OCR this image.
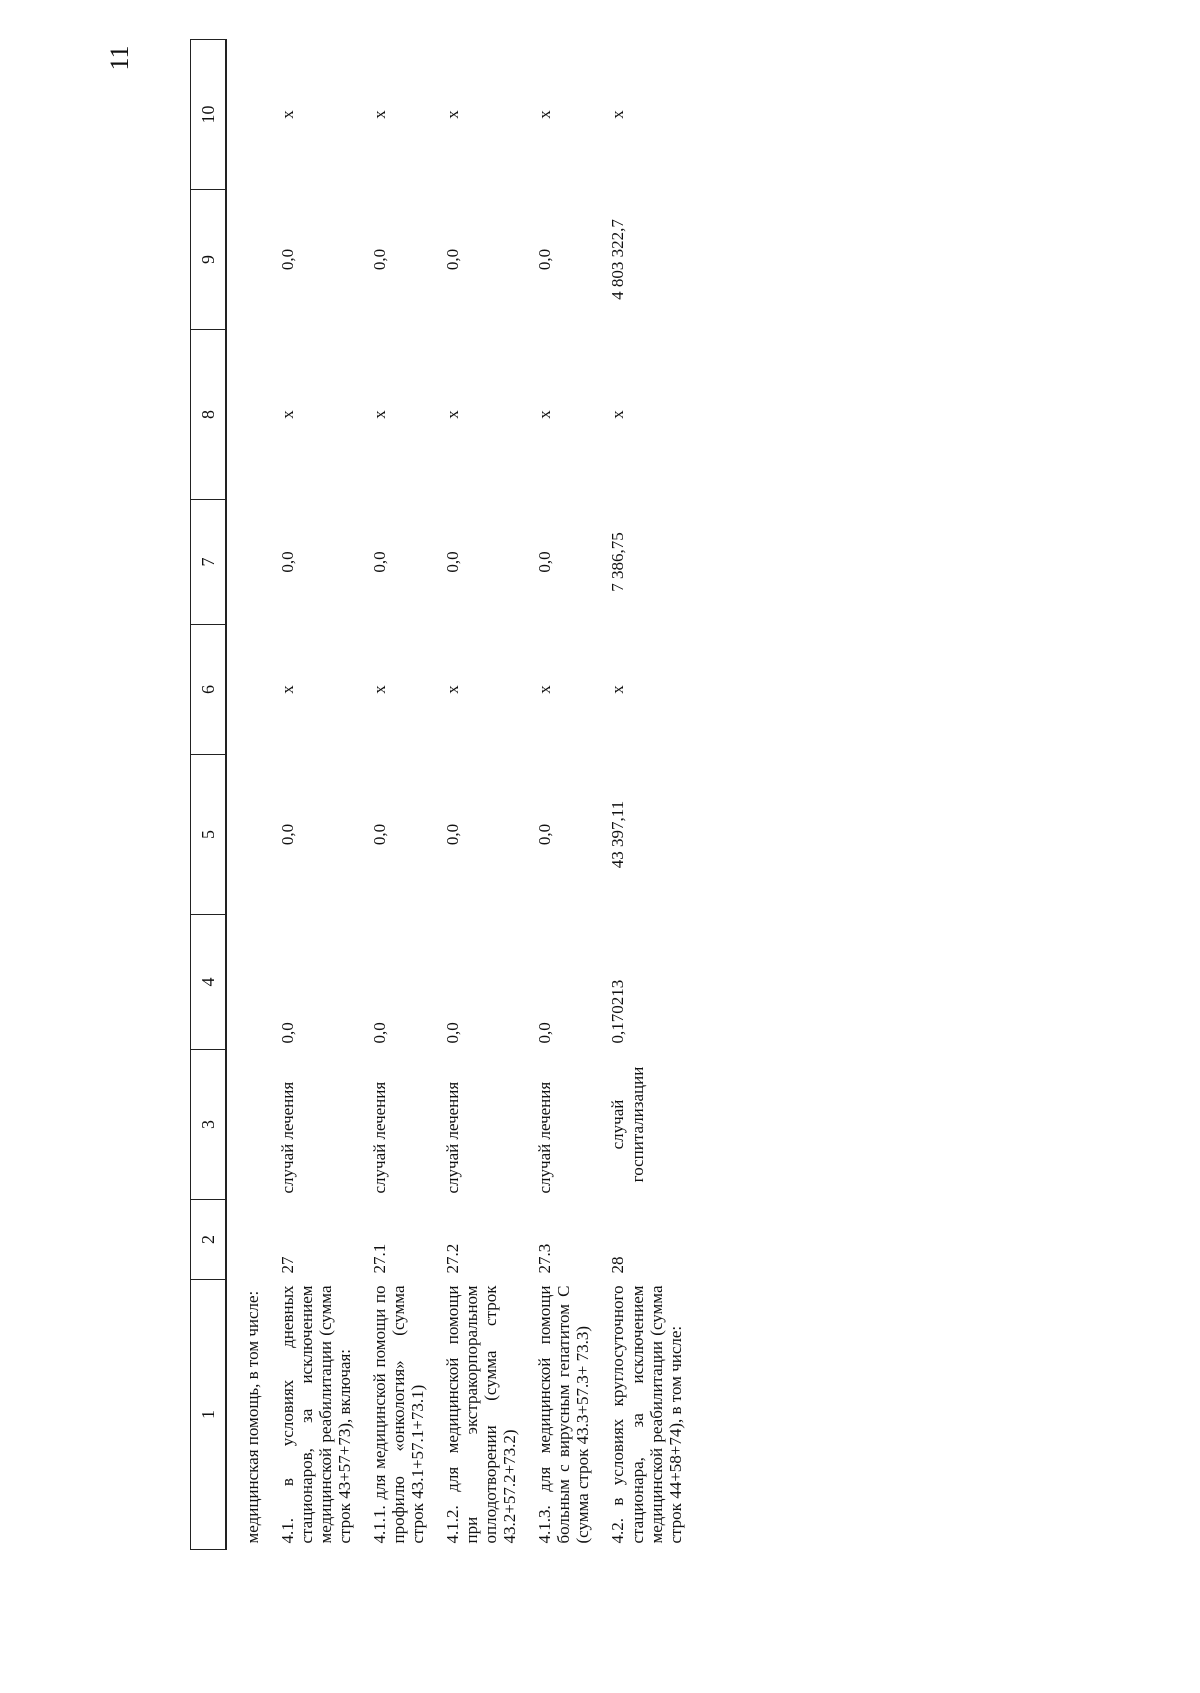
11
1	2	3	4	5	6	7	8	9	10
медицинская помощь, в том числе:									
4.1. в условиях дневных стационаров, за исключением медицинской реабилитации (сумма строк 43+57+73), включая:	27	случай лечения	0,0	0,0	х	0,0	х	0,0	х
4.1.1. для медицинской помощи по профилю «онкология» (сумма строк 43.1+57.1+73.1)	27.1	случай лечения	0,0	0,0	х	0,0	х	0,0	х
4.1.2. для медицинской помощи при экстракорпоральном оплодотворении (сумма строк 43.2+57.2+73.2)	27.2	случай лечения	0,0	0,0	х	0,0	х	0,0	х
4.1.3. для медицинской помощи больным с вирусным гепатитом С (сумма строк 43.3+57.3+ 73.3)	27.3	случай лечения	0,0	0,0	х	0,0	х	0,0	х
4.2. в условиях круглосуточного стационара, за исключением медицинской реабилитации (сумма строк 44+58+74), в том числе:	28	случай госпитализации	0,170213	43 397,11	х	7 386,75	х	4 803 322,7	х
